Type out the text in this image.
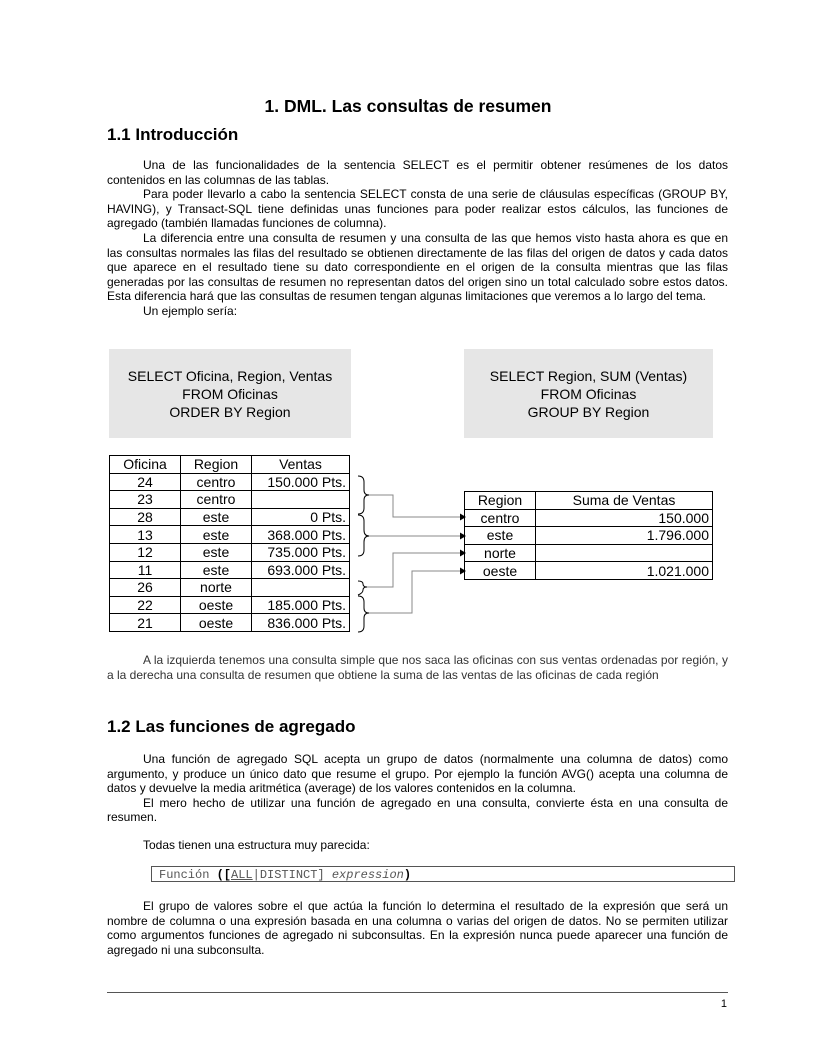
1. DML. Las consultas de resumen
1.1 Introducción

Una de las funcionalidades de la sentencia SELECT es el permitir obtener resúmenes de los datos contenidos en las columnas de las tablas.

Para poder llevarlo a cabo la sentencia SELECT consta de una serie de cláusulas específicas (GROUP BY, HAVING), y Transact-SQL tiene definidas unas funciones para poder realizar estos cálculos, las funciones de agregado (también llamadas funciones de columna).

La diferencia entre una consulta de resumen y una consulta de las que hemos visto hasta ahora es que en las consultas normales las filas del resultado se obtienen directamente de las filas del origen de datos y cada datos que aparece en el resultado tiene su dato correspondiente en el origen de la consulta mientras que las filas generadas por las consultas de resumen no representan datos del origen sino un total calculado sobre estos datos. Esta diferencia hará que las consultas de resumen tengan algunas limitaciones que veremos a lo largo del tema.

Un ejemplo sería:

SELECT Oficina, Region, Ventas
FROM Oficinas
ORDER BY Region
SELECT Region, SUM (Ventas)
FROM Oficinas
GROUP BY Region
Oficina	Region	Ventas
24	centro	150.000 Pts.
23	centro	
28	este	0 Pts.
13	este	368.000 Pts.
12	este	735.000 Pts.
11	este	693.000 Pts.
26	norte	
22	oeste	185.000 Pts.
21	oeste	836.000 Pts.
Region	Suma de Ventas
centro	150.000
este	1.796.000
norte	
oeste	1.021.000

A la izquierda tenemos una consulta simple que nos saca las oficinas con sus ventas ordenadas por región, y a la derecha una consulta de resumen que obtiene la suma de las ventas de las oficinas de cada región

1.2 Las funciones de agregado

Una función de agregado SQL acepta un grupo de datos (normalmente una columna de datos) como argumento, y produce un único dato que resume el grupo. Por ejemplo la función AVG() acepta una columna de datos y devuelve la media aritmética (average) de los valores contenidos en la columna.

El mero hecho de utilizar una función de agregado en una consulta, convierte ésta en una consulta de resumen.

Todas tienen una estructura muy parecida:

Función ([ALL|DISTINCT] expression)

El grupo de valores sobre el que actúa la función lo determina el resultado de la expresión que será un nombre de columna o una expresión basada en una columna o varias del origen de datos. No se permiten utilizar como argumentos funciones de agregado ni subconsultas. En la expresión nunca puede aparecer una función de agregado ni una subconsulta.

1
